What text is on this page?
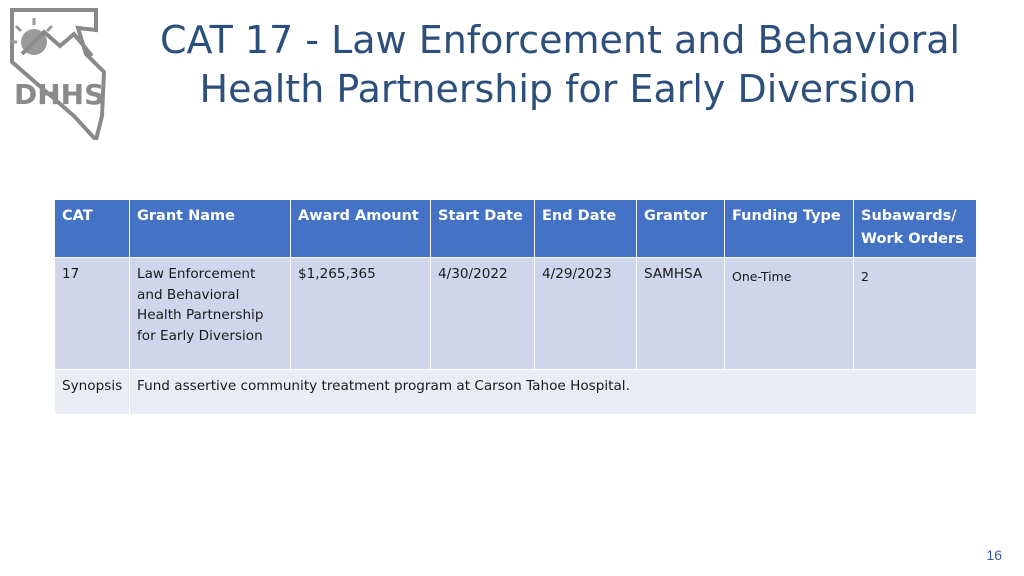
DHHS
CAT 17 - Law Enforcement and Behavioral
Health Partnership for Early Diversion
CAT	Grant Name	Award Amount	Start Date	End Date	Grantor	Funding Type	Subawards/ Work Orders
17	Law Enforcement and Behavioral Health Partnership for Early Diversion	$1,265,365	4/30/2022	4/29/2023	SAMHSA	One-Time	2
Synopsis	Fund assertive community treatment program at Carson Tahoe Hospital.						
16
